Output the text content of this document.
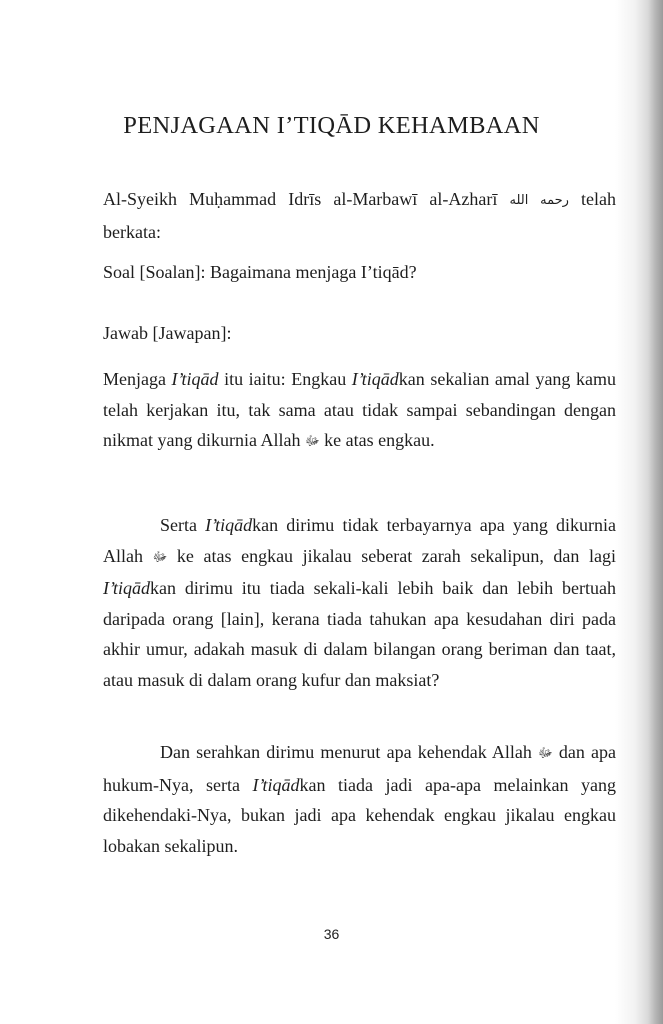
PENJAGAAN I’TIQĀD KEHAMBAAN

Al-Syeikh Muḥammad Idrīs al-Marbawī al-Azharī رحمه الله telah berkata:

Soal [Soalan]: Bagaimana menjaga I’tiqād?

Jawab [Jawapan]:

Menjaga I’tiqād itu iaitu: Engkau I’tiqādkan sekalian amal yang kamu telah kerjakan itu, tak sama atau tidak sampai sebandingan dengan nikmat yang dikurnia Allah ﷻ ke atas engkau.

Serta I’tiqādkan dirimu tidak terbayarnya apa yang dikurnia Allah ﷻ ke atas engkau jikalau seberat zarah sekalipun, dan lagi I’tiqādkan dirimu itu tiada sekali-kali lebih baik dan lebih bertuah daripada orang [lain], kerana tiada tahukan apa kesudahan diri pada akhir umur, adakah masuk di dalam bilangan orang beriman dan taat, atau masuk di dalam orang kufur dan maksiat?

Dan serahkan dirimu menurut apa kehendak Allah ﷻ dan apa hukum-Nya, serta I’tiqādkan tiada jadi apa-apa melainkan yang dikehendaki-Nya, bukan jadi apa kehendak engkau jikalau engkau lobakan sekalipun.

36
